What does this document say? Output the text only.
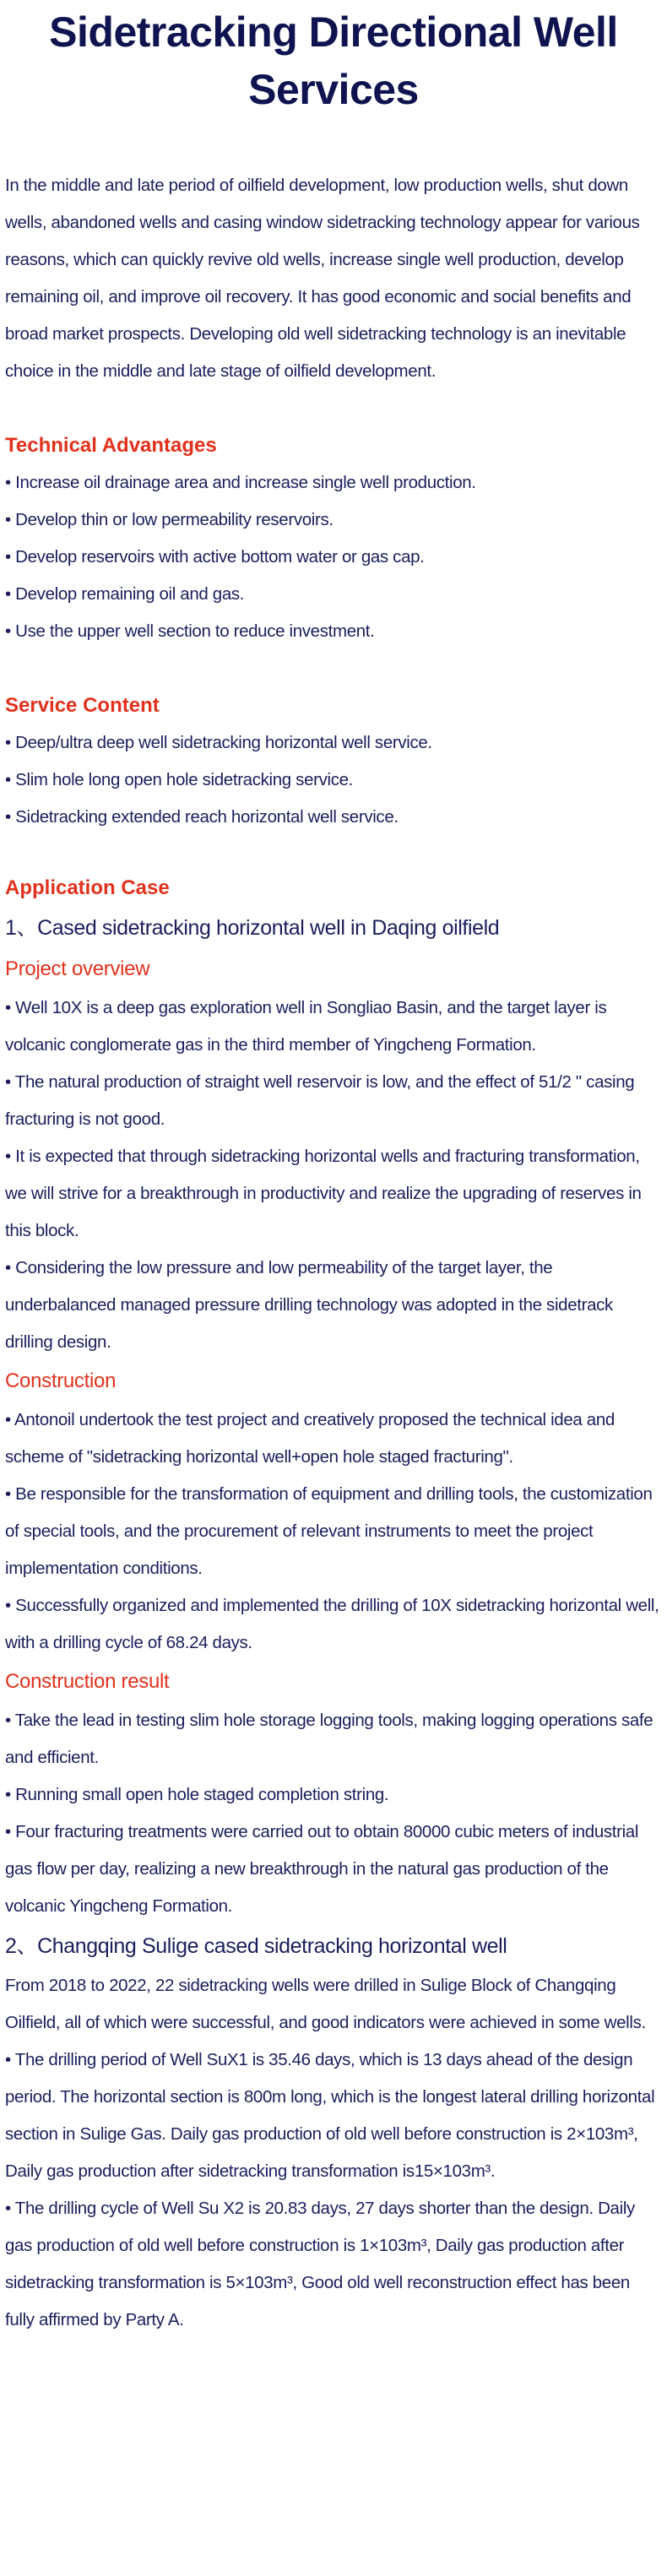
Sidetracking Directional Well Services

In the middle and late period of oilfield development, low production wells, shut down wells, abandoned wells and casing window sidetracking technology appear for various reasons, which can quickly revive old wells, increase single well production, develop remaining oil, and improve oil recovery. It has good economic and social benefits and broad market prospects. Developing old well sidetracking technology is an inevitable choice in the middle and late stage of oilfield development.

Technical Advantages

• Increase oil drainage area and increase single well production.

• Develop thin or low permeability reservoirs.

• Develop reservoirs with active bottom water or gas cap.

• Develop remaining oil and gas.

• Use the upper well section to reduce investment.

Service Content

• Deep/ultra deep well sidetracking horizontal well service.

• Slim hole long open hole sidetracking service.

• Sidetracking extended reach horizontal well service.

Application Case
1、Cased sidetracking horizontal well in Daqing oilfield
Project overview

• Well 10X is a deep gas exploration well in Songliao Basin, and the target layer is volcanic conglomerate gas in the third member of Yingcheng Formation.

• The natural production of straight well reservoir is low, and the effect of 51/2 " casing fracturing is not good.

• It is expected that through sidetracking horizontal wells and fracturing transformation, we will strive for a breakthrough in productivity and realize the upgrading of reserves in this block.

• Considering the low pressure and low permeability of the target layer, the underbalanced managed pressure drilling technology was adopted in the sidetrack drilling design.

Construction

• Antonoil undertook the test project and creatively proposed the technical idea and scheme of "sidetracking horizontal well+open hole staged fracturing".

• Be responsible for the transformation of equipment and drilling tools, the customization of special tools, and the procurement of relevant instruments to meet the project implementation conditions.

• Successfully organized and implemented the drilling of 10X sidetracking horizontal well, with a drilling cycle of 68.24 days.

Construction result

• Take the lead in testing slim hole storage logging tools, making logging operations safe and efficient.

• Running small open hole staged completion string.

• Four fracturing treatments were carried out to obtain 80000 cubic meters of industrial gas flow per day, realizing a new breakthrough in the natural gas production of the volcanic Yingcheng Formation.

2、Changqing Sulige cased sidetracking horizontal well

From 2018 to 2022, 22 sidetracking wells were drilled in Sulige Block of Changqing Oilfield, all of which were successful, and good indicators were achieved in some wells.

• The drilling period of Well SuX1 is 35.46 days, which is 13 days ahead of the design period. The horizontal section is 800m long, which is the longest lateral drilling horizontal section in Sulige Gas. Daily gas production of old well before construction is 2×103m³, Daily gas production after sidetracking transformation is15×103m³.

• The drilling cycle of Well Su X2 is 20.83 days, 27 days shorter than the design. Daily gas production of old well before construction is 1×103m³, Daily gas production after sidetracking transformation is 5×103m³, Good old well reconstruction effect has been fully affirmed by Party A.
